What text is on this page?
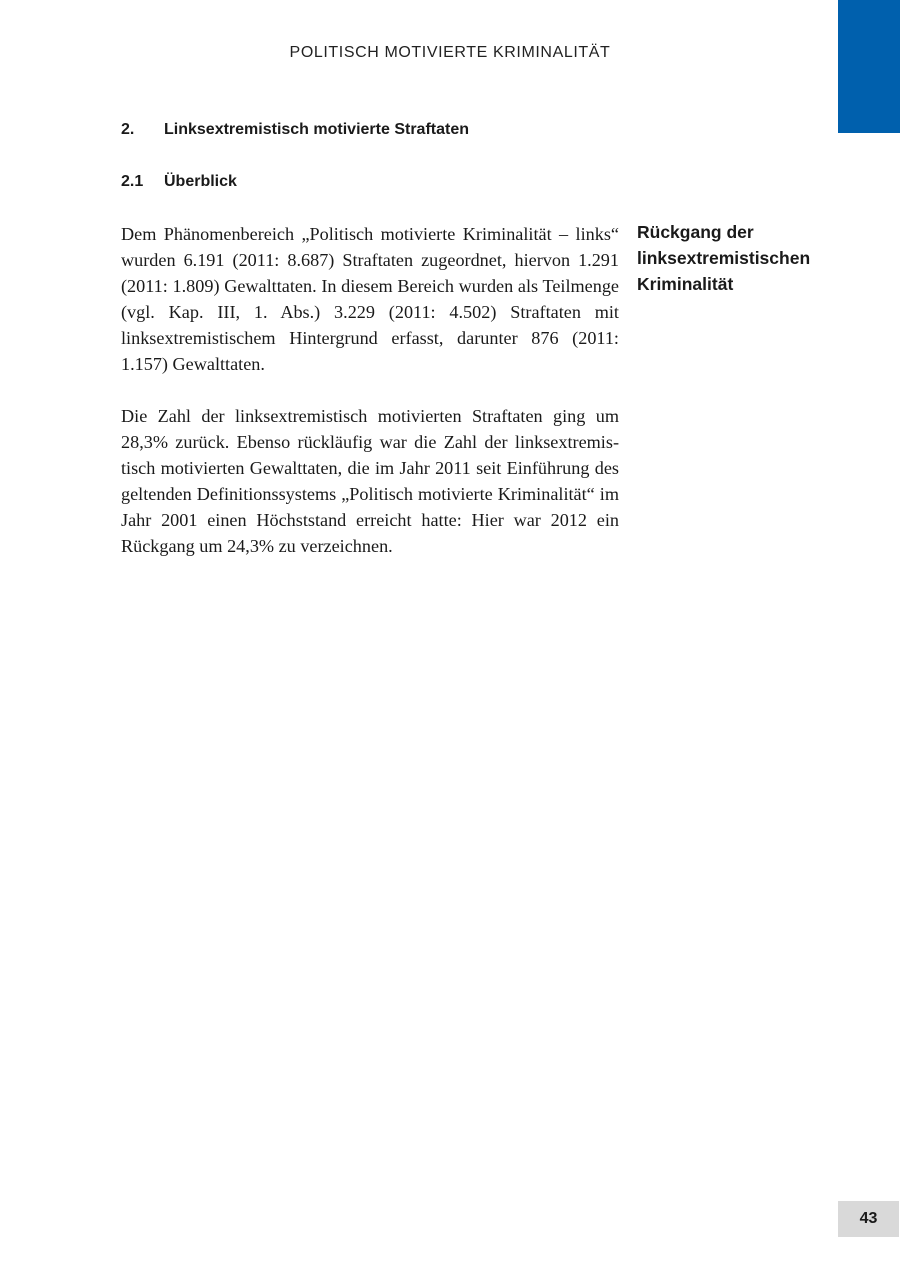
POLITISCH MOTIVIERTE KRIMINALITÄT
2. Linksextremistisch motivierte Straftaten
2.1 Überblick

Dem Phänomenbereich „Politisch motivierte Kriminalität – links“ wurden 6.191 (2011: 8.687) Straftaten zugeordnet, hiervon 1.291 (2011: 1.809) Gewalttaten. In diesem Bereich wurden als Teilmenge (vgl. Kap. III, 1. Abs.) 3.229 (2011: 4.502) Straftaten mit linksextremistischem Hintergrund erfasst, darunter 876 (2011: 1.157) Gewalttaten.

Die Zahl der linksextremistisch motivierten Straftaten ging um 28,3% zurück. Ebenso rückläufig war die Zahl der linksextremistisch motivierten Gewalttaten, die im Jahr 2011 seit Einführung des geltenden Definitionssystems „Politisch motivierte Kriminalität“ im Jahr 2001 einen Höchststand erreicht hatte: Hier war 2012 ein Rückgang um 24,3% zu verzeichnen.

Rückgang der linksextremistischen Kriminalität
43
